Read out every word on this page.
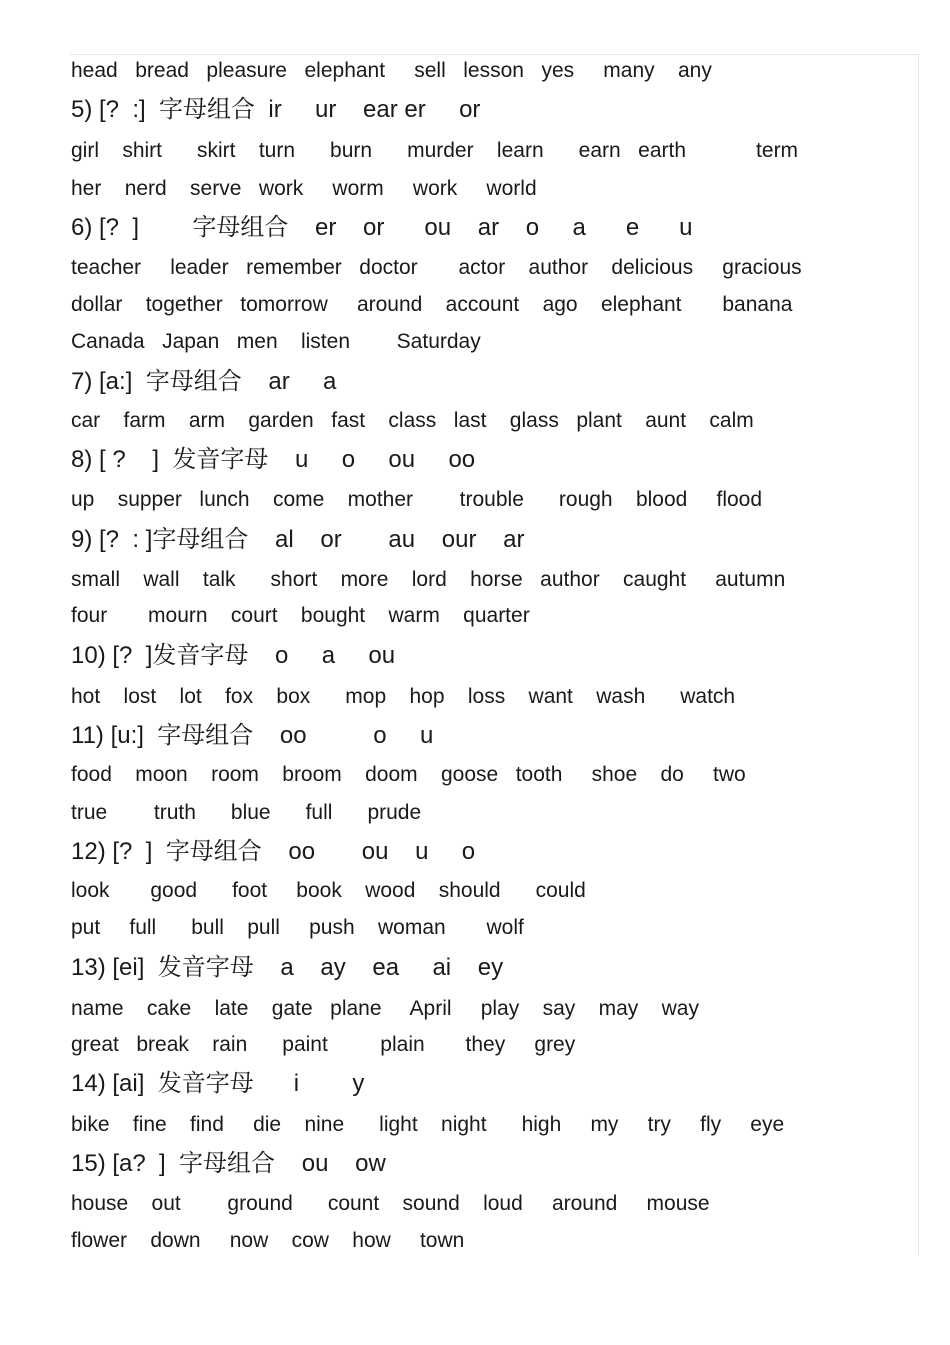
head   bread   pleasure   elephant     sell   lesson   yes     many    any
5) [?  :]  字母组合  ir     ur    ear er     or
girl    shirt      skirt    turn      burn      murder    learn      earn   earth            term
her    nerd    serve   work     worm     work     world
6) [?  ]        字母组合    er    or      ou    ar    o     a      e      u
teacher     leader   remember   doctor       actor    author    delicious     gracious
dollar    together   tomorrow     around    account    ago    elephant       banana
Canada   Japan   men    listen        Saturday
7) [a:]  字母组合    ar     a
car    farm    arm    garden   fast    class   last    glass   plant    aunt    calm
8) [ ?    ]  发音字母    u     o     ou     oo
up    supper   lunch    come    mother        trouble      rough    blood     flood
9) [?  : ]字母组合    al    or       au    our    ar
small    wall    talk      short    more    lord    horse   author    caught     autumn
four       mourn    court    bought    warm    quarter
10) [?  ]发音字母    o     a     ou
hot    lost    lot    fox    box      mop    hop    loss    want    wash      watch
11) [u:]  字母组合    oo          o     u
food    moon    room    broom    doom    goose   tooth     shoe    do     two
true        truth      blue      full      prude
12) [?  ]  字母组合    oo       ou    u     o
look       good      foot     book    wood    should      could
put     full      bull    pull     push    woman       wolf
13) [ei]  发音字母    a    ay    ea     ai    ey
name    cake    late    gate   plane     April     play    say    may    way
great   break    rain      paint         plain       they     grey
14) [ai]  发音字母      i        y
bike    fine    find     die    nine      light    night      high     my     try     fly     eye
15) [a?  ]  字母组合    ou    ow
house    out        ground      count    sound    loud     around     mouse
flower    down     now    cow    how     town
